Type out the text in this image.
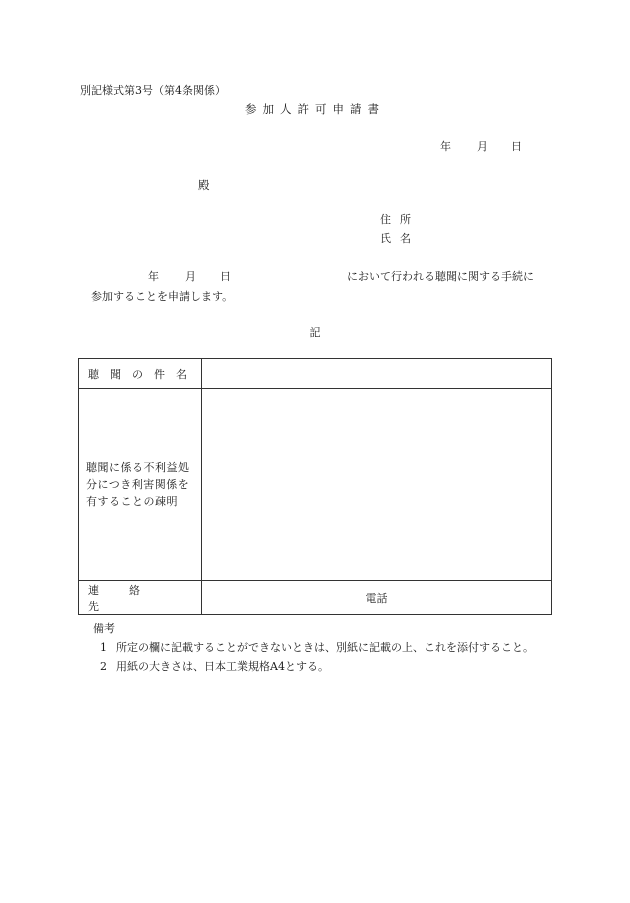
別記様式第3号（第4条関係）
参加人許可申請書
年 月 日
殿
住所
氏名
年 月 日	において行われる聴聞に関する手続に
参加することを申請します。
記
聴聞の件名	
聴聞に係る不利益処分につき利害関係を有することの疎明	
連絡先	電話
備考
1 所定の欄に記載することができないときは、別紙に記載の上、これを添付すること。
2 用紙の大きさは、日本工業規格A4とする。
